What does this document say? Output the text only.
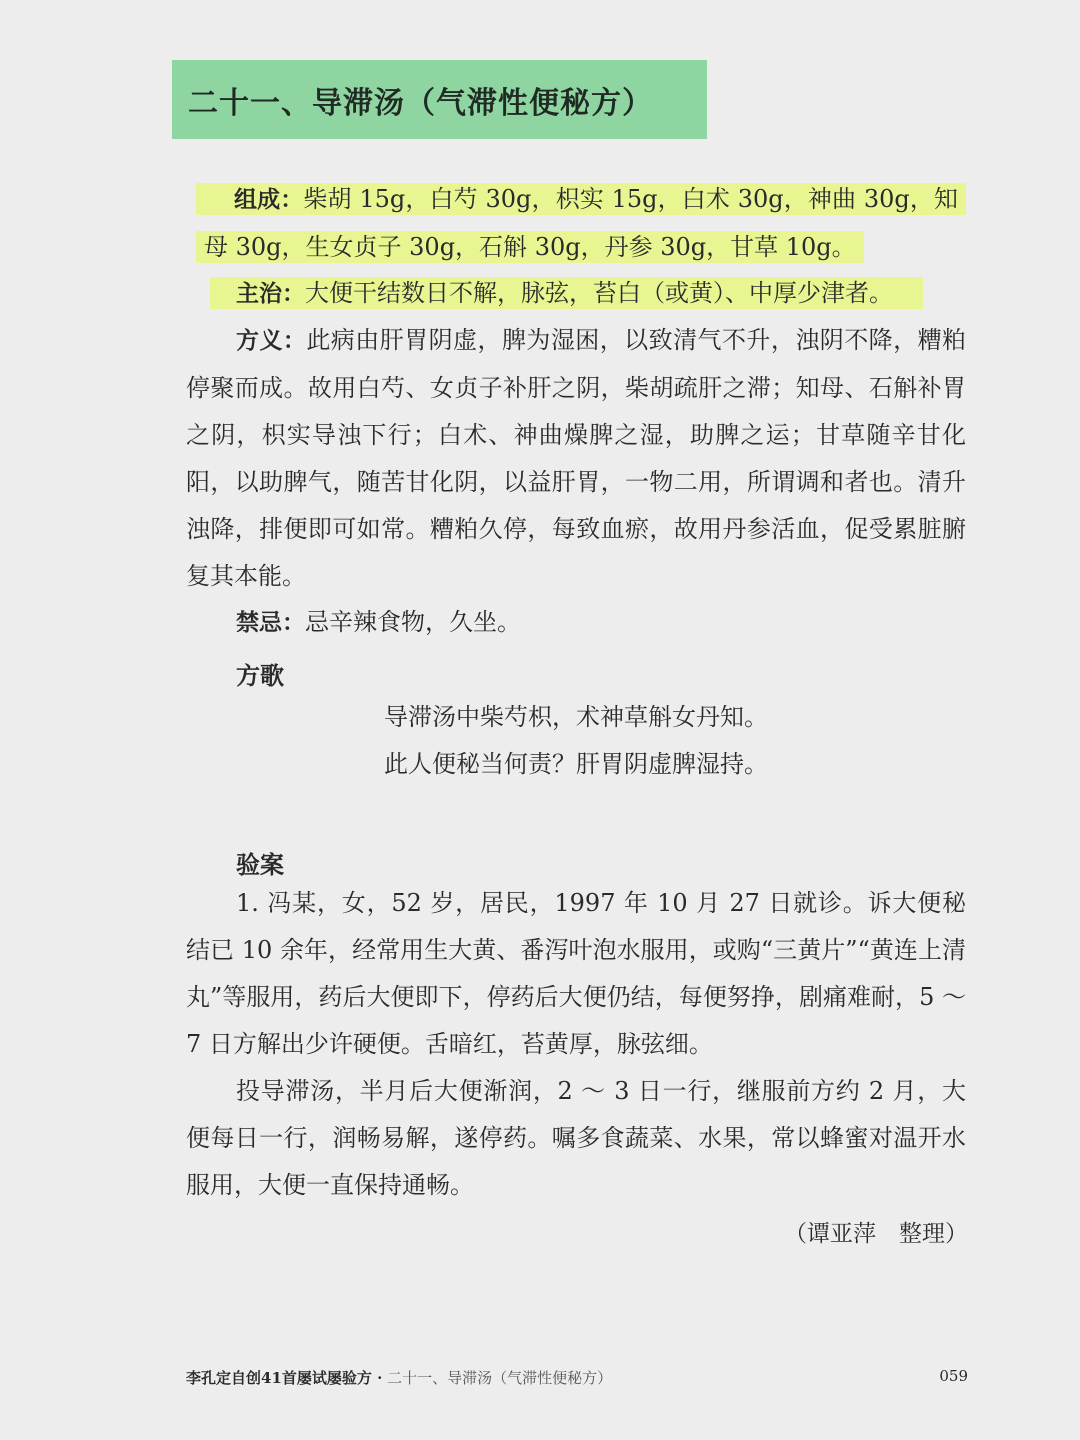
二十一、导滞汤（气滞性便秘方）
组成：柴胡 15g，白芍 30g，枳实 15g，白术 30g，神曲 30g，知母 30g，生女贞子 30g，石斛 30g，丹参 30g，甘草 10g。
主治：大便干结数日不解，脉弦，苔白（或黄）、中厚少津者。
方义：此病由肝胃阴虚，脾为湿困，以致清气不升，浊阴不降，糟粕停聚而成。故用白芍、女贞子补肝之阴，柴胡疏肝之滞；知母、石斛补胃之阴，枳实导浊下行；白术、神曲燥脾之湿，助脾之运；甘草随辛甘化阳，以助脾气，随苦甘化阴，以益肝胃，一物二用，所谓调和者也。清升浊降，排便即可如常。糟粕久停，每致血瘀，故用丹参活血，促受累脏腑复其本能。
禁忌：忌辛辣食物，久坐。
方歌
导滞汤中柴芍枳，术神草斛女丹知。
此人便秘当何责？肝胃阴虚脾湿持。
验案
1. 冯某，女，52 岁，居民，1997 年 10 月 27 日就诊。诉大便秘结已 10 余年，经常用生大黄、番泻叶泡水服用，或购“三黄片”“黄连上清丸”等服用，药后大便即下，停药后大便仍结，每便努挣，剧痛难耐，5 ～ 7 日方解出少许硬便。舌暗红，苔黄厚，脉弦细。
投导滞汤，半月后大便渐润，2 ～ 3 日一行，继服前方约 2 月，大便每日一行，润畅易解，遂停药。嘱多食蔬菜、水果，常以蜂蜜对温开水服用，大便一直保持通畅。
（谭亚萍　整理）
李孔定自创41首屡试屡验方 · 二十一、导滞汤（气滞性便秘方）	059
